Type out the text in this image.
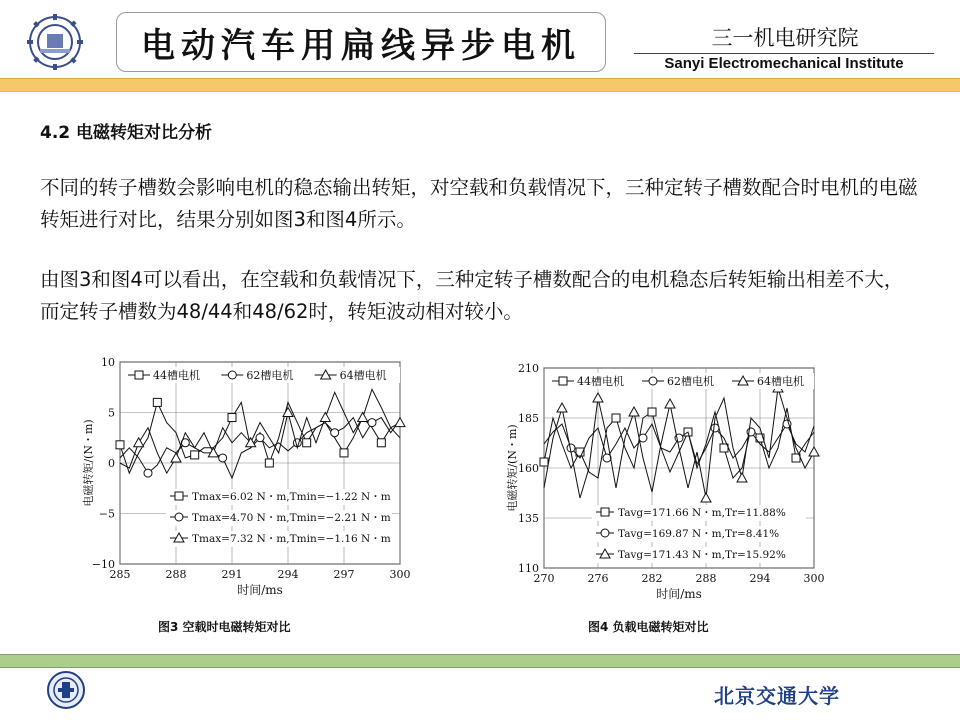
电动汽车用扁线异步电机	三一机电研究院
Sanyi Electromechanical Institute
4.2 电磁转矩对比分析
不同的转子槽数会影响电机的稳态输出转矩，对空载和负载情况下，三种定转子槽数配合时电机的电磁转矩进行对比，结果分别如图3和图4所示。
由图3和图4可以看出，在空载和负载情况下，三种定转子槽数配合的电机稳态后转矩输出相差不大，而定转子槽数为48/44和48/62时，转矩波动相对较小。
285	288	291	294	297	300
10
5
0
−5
−10
时间/ms
电磁转矩/(N・m)
44槽电机	62槽电机	64槽电机
Tmax=6.02 N・m,Tmin=−1.22 N・m
Tmax=4.70 N・m,Tmin=−2.21 N・m
Tmax=7.32 N・m,Tmin=−1.16 N・m
图3 空载时电磁转矩对比
270	276	282	288	294	300
210
185
160
135
110
时间/ms
电磁转矩/(N・m)
44槽电机	62槽电机	64槽电机
Tavg=171.66 N・m,Tr=11.88%
Tavg=169.87 N・m,Tr=8.41%
Tavg=171.43 N・m,Tr=15.92%
图4 负载电磁转矩对比
北京交通大学
